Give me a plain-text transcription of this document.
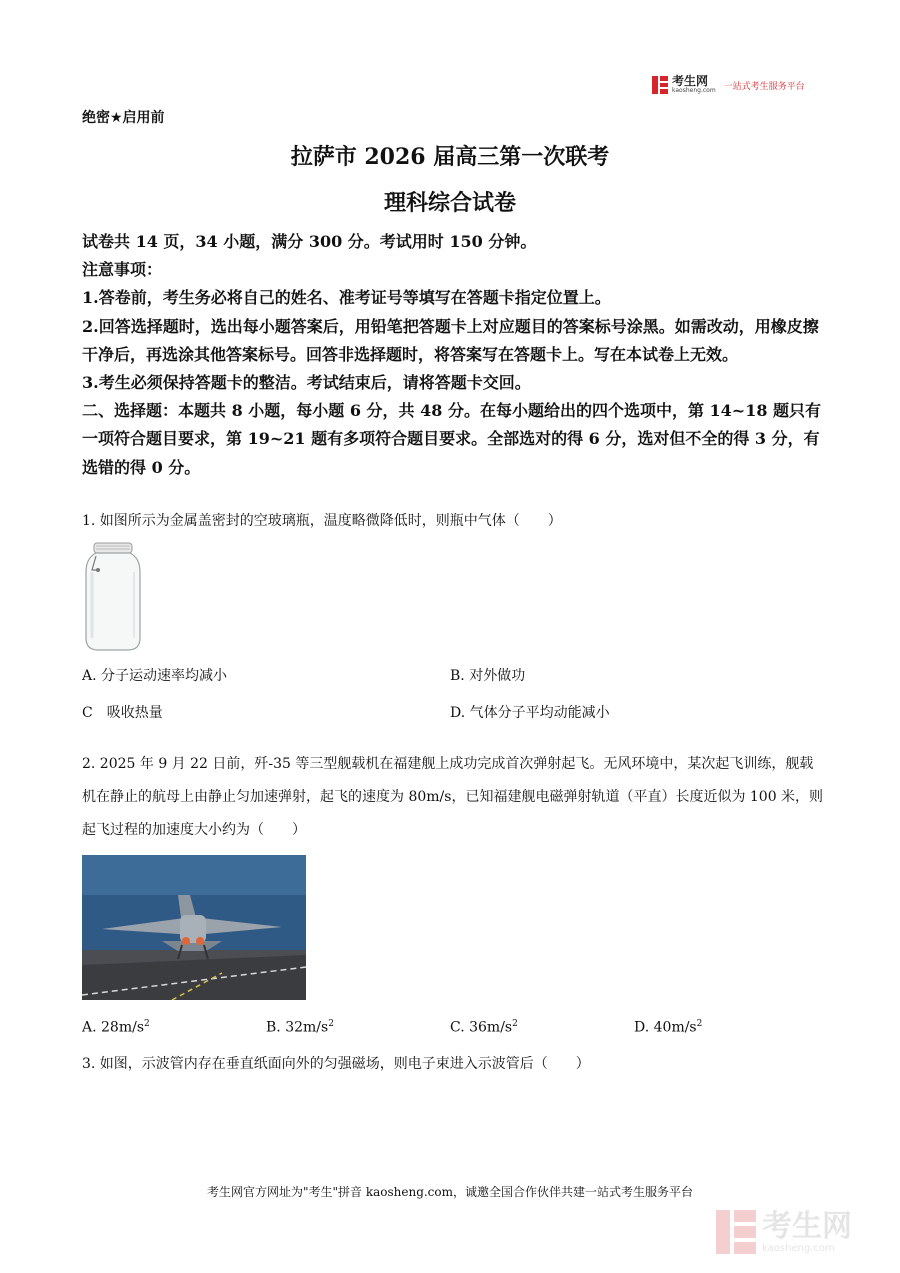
考生网
kaosheng.com 一站式考生服务平台
绝密★启用前
拉萨市 2026 届高三第一次联考
理科综合试卷

试卷共 14 页，34 小题，满分 300 分。考试用时 150 分钟。

注意事项：

1.答卷前，考生务必将自己的姓名、准考证号等填写在答题卡指定位置上。

2.回答选择题时，选出每小题答案后，用铅笔把答题卡上对应题目的答案标号涂黑。如需改动，用橡皮擦干净后，再选涂其他答案标号。回答非选择题时，将答案写在答题卡上。写在本试卷上无效。

3.考生必须保持答题卡的整洁。考试结束后，请将答题卡交回。

二、选择题：本题共 8 小题，每小题 6 分，共 48 分。在每小题给出的四个选项中，第 14~18 题只有一项符合题目要求，第 19~21 题有多项符合题目要求。全部选对的得 6 分，选对但不全的得 3 分，有选错的得 0 分。

1. 如图所示为金属盖密封的空玻璃瓶，温度略微降低时，则瓶中气体（　　）
A. 分子运动速率均减小	B. 对外做功
C　吸收热量	D. 气体分子平均动能减小
2. 2025 年 9 月 22 日前，歼-35 等三型舰载机在福建舰上成功完成首次弹射起飞。无风环境中，某次起飞训练，舰载机在静止的航母上由静止匀加速弹射，起飞的速度为 80m/s，已知福建舰电磁弹射轨道（平直）长度近似为 100 米，则起飞过程的加速度大小约为（　　）
A. $28m/s^2$	B. $32m/s^2$	C. $36m/s^2$	D. $40m/s^2$
3. 如图，示波管内存在垂直纸面向外的匀强磁场，则电子束进入示波管后（　　）
考生网官方网址为"考生"拼音 kaosheng.com，诚邀全国合作伙伴共建一站式考生服务平台
考生网
kaosheng.com
